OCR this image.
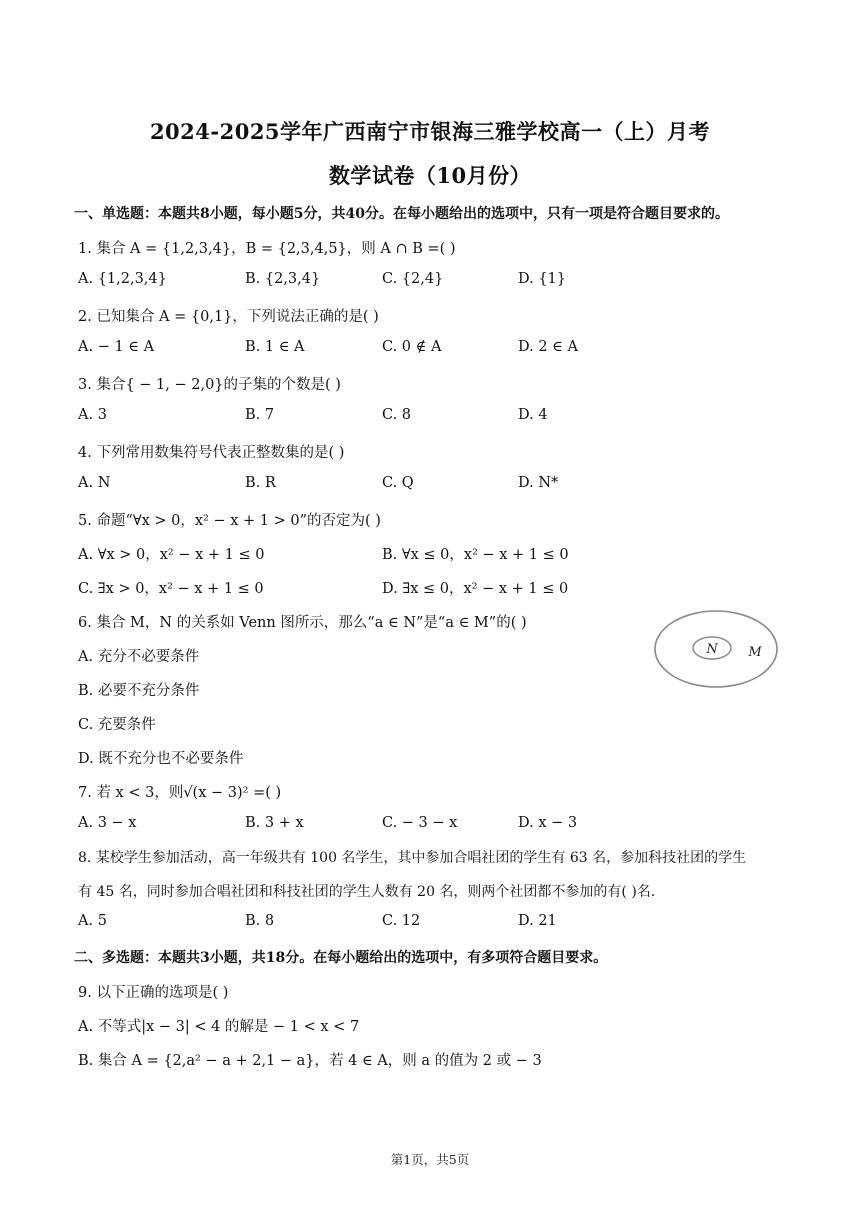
2024-2025学年广西南宁市银海三雅学校高一（上）月考
数学试卷（10月份）
一、单选题：本题共8小题，每小题5分，共40分。在每小题给出的选项中，只有一项是符合题目要求的。
1. 集合 A = {1,2,3,4}，B = {2,3,4,5}，则 A ∩ B =( )
A. {1,2,3,4}	B. {2,3,4}	C. {2,4}	D. {1}
2. 已知集合 A = {0,1}，下列说法正确的是( )
A. − 1 ∈ A	B. 1 ∈ A	C. 0 ∉ A	D. 2 ∈ A
3. 集合{ − 1, − 2,0}的子集的个数是( )
A. 3	B. 7	C. 8	D. 4
4. 下列常用数集符号代表正整数集的是( )
A. N	B. R	C. Q	D. N*
5. 命题“∀x > 0，x² − x + 1 > 0”的否定为( )
A. ∀x > 0，x² − x + 1 ≤ 0	B. ∀x ≤ 0，x² − x + 1 ≤ 0
C. ∃x > 0，x² − x + 1 ≤ 0	D. ∃x ≤ 0，x² − x + 1 ≤ 0
6. 集合 M，N 的关系如 Venn 图所示，那么“a ∈ N”是“a ∈ M”的( )
A. 充分不必要条件
B. 必要不充分条件
C. 充要条件
D. 既不充分也不必要条件
N M
7. 若 x < 3，则√(x − 3)² =( )
A. 3 − x	B. 3 + x	C. − 3 − x	D. x − 3
8. 某校学生参加活动，高一年级共有 100 名学生，其中参加合唱社团的学生有 63 名，参加科技社团的学生
有 45 名，同时参加合唱社团和科技社团的学生人数有 20 名，则两个社团都不参加的有( )名.
A. 5	B. 8	C. 12	D. 21
二、多选题：本题共3小题，共18分。在每小题给出的选项中，有多项符合题目要求。
9. 以下正确的选项是( )
A. 不等式|x − 3| < 4 的解是 − 1 < x < 7
B. 集合 A = {2,a² − a + 2,1 − a}，若 4 ∈ A，则 a 的值为 2 或 − 3
第1页，共5页
